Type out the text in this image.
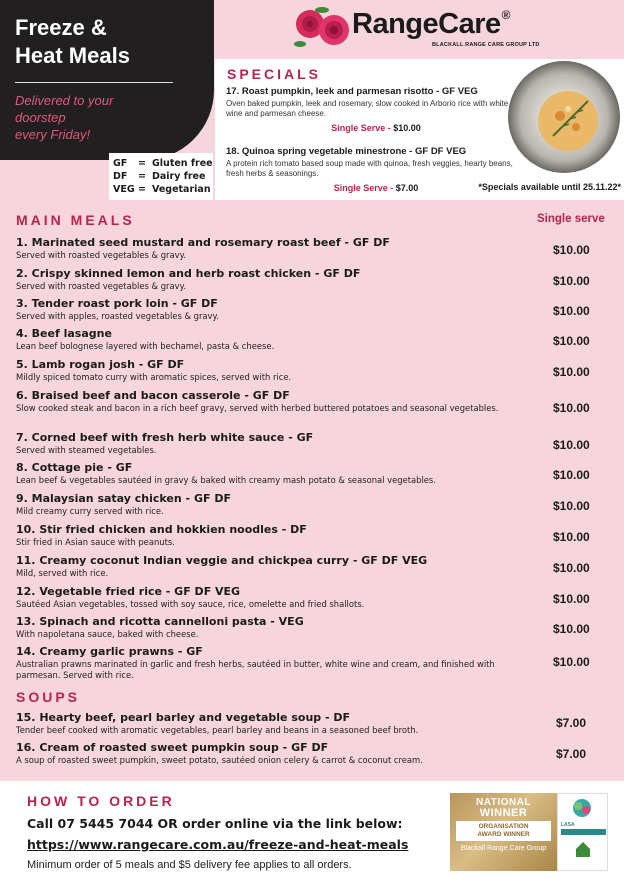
Freeze &
Heat Meals
Delivered to your
doorstep
every Friday!
GF	= Gluten free
DF	= Dairy free
VEG = Vegetarian
RangeCare®
BLACKALL RANGE CARE GROUP LTD
SPECIALS
17. Roast pumpkin, leek and parmesan risotto - GF VEG
Oven baked pumpkin, leek and rosemary, slow cooked in Arborio rice with white wine and parmesan cheese.
Single Serve - $10.00
18. Quinoa spring vegetable minestrone - GF DF VEG
A protein rich tomato based soup made with quinoa, fresh veggies, hearty beans, fresh herbs & seasonings.
Single Serve - $7.00	*Specials available until 25.11.22*
MAIN MEALS	Single serve
1. Marinated seed mustard and rosemary roast beef - GF DF
Served with roasted vegetables & gravy.	$10.00
2. Crispy skinned lemon and herb roast chicken - GF DF
Served with roasted vegetables & gravy.	$10.00
3. Tender roast pork loin - GF DF
Served with apples, roasted vegetables & gravy.	$10.00
4. Beef lasagne
Lean beef bolognese layered with bechamel, pasta & cheese.	$10.00
5. Lamb rogan josh - GF DF
Mildly spiced tomato curry with aromatic spices, served with rice.	$10.00
6. Braised beef and bacon casserole - GF DF
Slow cooked steak and bacon in a rich beef gravy, served with herbed buttered potatoes and seasonal vegetables.	$10.00
7. Corned beef with fresh herb white sauce - GF
Served with steamed vegetables.	$10.00
8. Cottage pie - GF
Lean beef & vegetables sautéed in gravy & baked with creamy mash potato & seasonal vegetables.	$10.00
9. Malaysian satay chicken - GF DF
Mild creamy curry served with rice.	$10.00
10. Stir fried chicken and hokkien noodles - DF
Stir fried in Asian sauce with peanuts.	$10.00
11. Creamy coconut Indian veggie and chickpea curry - GF DF VEG
Mild, served with rice.	$10.00
12. Vegetable fried rice - GF DF VEG
Sautéed Asian vegetables, tossed with soy sauce, rice, omelette and fried shallots.	$10.00
13. Spinach and ricotta cannelloni pasta - VEG
With napoletana sauce, baked with cheese.	$10.00
14. Creamy garlic prawns - GF
Australian prawns marinated in garlic and fresh herbs, sautéed in butter, white wine and cream, and finished with parmesan. Served with rice.
$10.00
SOUPS
15. Hearty beef, pearl barley and vegetable soup - DF
Tender beef cooked with aromatic vegetables, pearl barley and beans in a seasoned beef broth.	$7.00
16. Cream of roasted sweet pumpkin soup - GF DF
A soup of roasted sweet pumpkin, sweet potato, sautéed onion celery & carrot & coconut cream.	$7.00
HOW TO ORDER
Call 07 5445 7044 OR order online via the link below:
https://www.rangecare.com.au/freeze-and-heat-meals
Minimum order of 5 meals and $5 delivery fee applies to all orders.
NATIONAL
WINNER
ORGANISATION
AWARD WINNER
Blackall Range Care Group
LASA
